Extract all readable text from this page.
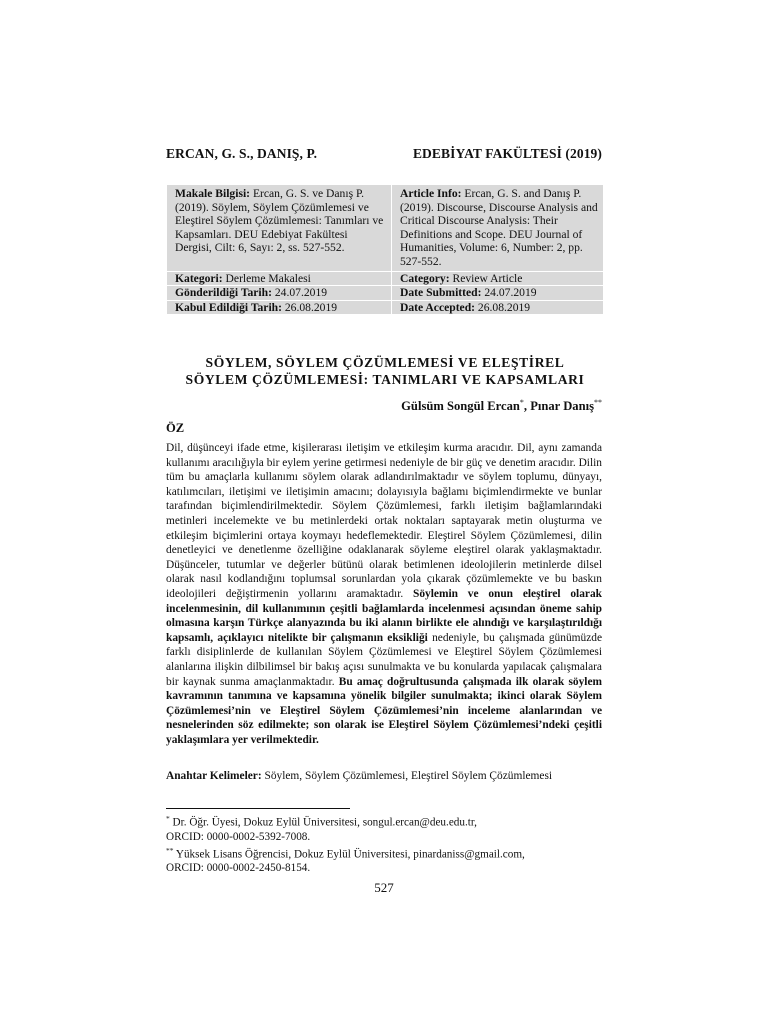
ERCAN, G. S., DANIŞ, P.	EDEBİYAT FAKÜLTESİ (2019)
Makale Bilgisi: Ercan, G. S. ve Danış P. (2019). Söylem, Söylem Çözümlemesi ve Eleştirel Söylem Çözümlemesi: Tanımları ve Kapsamları. DEU Edebiyat Fakültesi Dergisi, Cilt: 6, Sayı: 2, ss. 527-552.	Article Info: Ercan, G. S. and Danış P. (2019). Discourse, Discourse Analysis and Critical Discourse Analysis: Their Definitions and Scope. DEU Journal of Humanities, Volume: 6, Number: 2, pp. 527-552.
Kategori: Derleme Makalesi	Category: Review Article
Gönderildiği Tarih: 24.07.2019	Date Submitted: 24.07.2019
Kabul Edildiği Tarih: 26.08.2019	Date Accepted: 26.08.2019
SÖYLEM, SÖYLEM ÇÖZÜMLEMESİ VE ELEŞTİREL
SÖYLEM ÇÖZÜMLEMESİ: TANIMLARI VE KAPSAMLARI
Gülsüm Songül Ercan*, Pınar Danış**
ÖZ

Dil, düşünceyi ifade etme, kişilerarası iletişim ve etkileşim kurma aracıdır. Dil, aynı zamanda kullanımı aracılığıyla bir eylem yerine getirmesi nedeniyle de bir güç ve denetim aracıdır. Dilin tüm bu amaçlarla kullanımı söylem olarak adlandırılmaktadır ve söylem toplumu, dünyayı, katılımcıları, iletişimi ve iletişimin amacını; dolayısıyla bağlamı biçimlendirmekte ve bunlar tarafından biçimlendirilmektedir. Söylem Çözümlemesi, farklı iletişim bağlamlarındaki metinleri incelemekte ve bu metinlerdeki ortak noktaları saptayarak metin oluşturma ve etkileşim biçimlerini ortaya koymayı hedeflemektedir. Eleştirel Söylem Çözümlemesi, dilin denetleyici ve denetlenme özelliğine odaklanarak söyleme eleştirel olarak yaklaşmaktadır. Düşünceler, tutumlar ve değerler bütünü olarak betimlenen ideolojilerin metinlerde dilsel olarak nasıl kodlandığını toplumsal sorunlardan yola çıkarak çözümlemekte ve bu baskın ideolojileri değiştirmenin yollarını aramaktadır. Söylemin ve onun eleştirel olarak incelenmesinin, dil kullanımının çeşitli bağlamlarda incelenmesi açısından öneme sahip olmasına karşın Türkçe alanyazında bu iki alanın birlikte ele alındığı ve karşılaştırıldığı kapsamlı, açıklayıcı nitelikte bir çalışmanın eksikliği nedeniyle, bu çalışmada günümüzde farklı disiplinlerde de kullanılan Söylem Çözümlemesi ve Eleştirel Söylem Çözümlemesi alanlarına ilişkin dilbilimsel bir bakış açısı sunulmakta ve bu konularda yapılacak çalışmalara bir kaynak sunma amaçlanmaktadır. Bu amaç doğrultusunda çalışmada ilk olarak söylem kavramının tanımına ve kapsamına yönelik bilgiler sunulmakta; ikinci olarak Söylem Çözümlemesi’nin ve Eleştirel Söylem Çözümlemesi’nin inceleme alanlarından ve nesnelerinden söz edilmekte; son olarak ise Eleştirel Söylem Çözümlemesi’ndeki çeşitli yaklaşımlara yer verilmektedir.

Anahtar Kelimeler: Söylem, Söylem Çözümlemesi, Eleştirel Söylem Çözümlemesi

* Dr. Öğr. Üyesi, Dokuz Eylül Üniversitesi, songul.ercan@deu.edu.tr,

ORCID: 0000-0002-5392-7008.

** Yüksek Lisans Öğrencisi, Dokuz Eylül Üniversitesi, pinardaniss@gmail.com,

ORCID: 0000-0002-2450-8154.

527
